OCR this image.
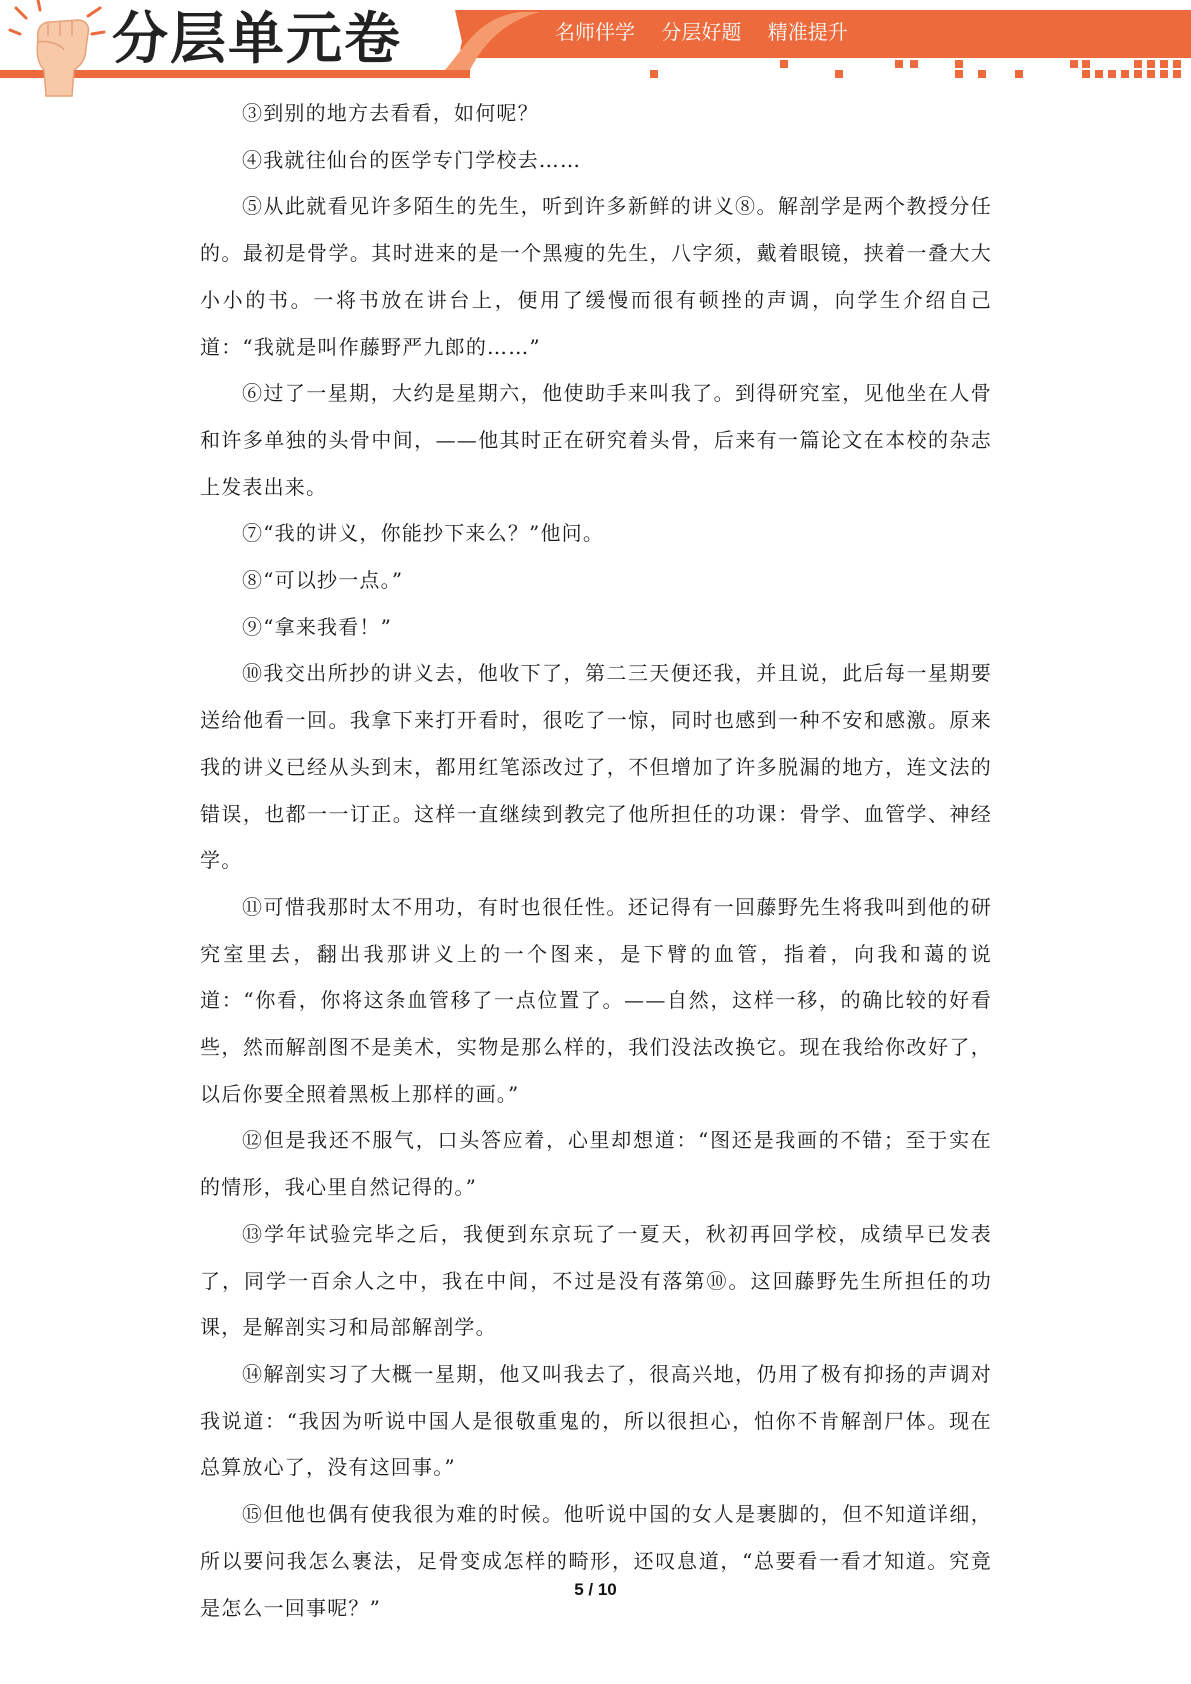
分层单元卷	名师伴学 分层好题 精准提升

③到别的地方去看看，如何呢？

④我就往仙台的医学专门学校去……

⑤从此就看见许多陌生的先生，听到许多新鲜的讲义⑧。解剖学是两个教授分任的。最初是骨学。其时进来的是一个黑瘦的先生，八字须，戴着眼镜，挟着一叠大大小小的书。一将书放在讲台上，便用了缓慢而很有顿挫的声调，向学生介绍自己道：“我就是叫作藤野严九郎的……”

⑥过了一星期，大约是星期六，他使助手来叫我了。到得研究室，见他坐在人骨和许多单独的头骨中间，——他其时正在研究着头骨，后来有一篇论文在本校的杂志上发表出来。

⑦“我的讲义，你能抄下来么？”他问。

⑧“可以抄一点。”

⑨“拿来我看！”

⑩我交出所抄的讲义去，他收下了，第二三天便还我，并且说，此后每一星期要送给他看一回。我拿下来打开看时，很吃了一惊，同时也感到一种不安和感激。原来我的讲义已经从头到末，都用红笔添改过了，不但增加了许多脱漏的地方，连文法的错误，也都一一订正。这样一直继续到教完了他所担任的功课：骨学、血管学、神经学。

⑪可惜我那时太不用功，有时也很任性。还记得有一回藤野先生将我叫到他的研究室里去，翻出我那讲义上的一个图来，是下臂的血管，指着，向我和蔼的说道：“你看，你将这条血管移了一点位置了。——自然，这样一移，的确比较的好看些，然而解剖图不是美术，实物是那么样的，我们没法改换它。现在我给你改好了，以后你要全照着黑板上那样的画。”

⑫但是我还不服气，口头答应着，心里却想道：“图还是我画的不错；至于实在的情形，我心里自然记得的。”

⑬学年试验完毕之后，我便到东京玩了一夏天，秋初再回学校，成绩早已发表了，同学一百余人之中，我在中间，不过是没有落第⑩。这回藤野先生所担任的功课，是解剖实习和局部解剖学。

⑭解剖实习了大概一星期，他又叫我去了，很高兴地，仍用了极有抑扬的声调对我说道：“我因为听说中国人是很敬重鬼的，所以很担心，怕你不肯解剖尸体。现在总算放心了，没有这回事。”

⑮但他也偶有使我很为难的时候。他听说中国的女人是裹脚的，但不知道详细，所以要问我怎么裹法，足骨变成怎样的畸形，还叹息道，“总要看一看才知道。究竟是怎么一回事呢？”

5 / 10
